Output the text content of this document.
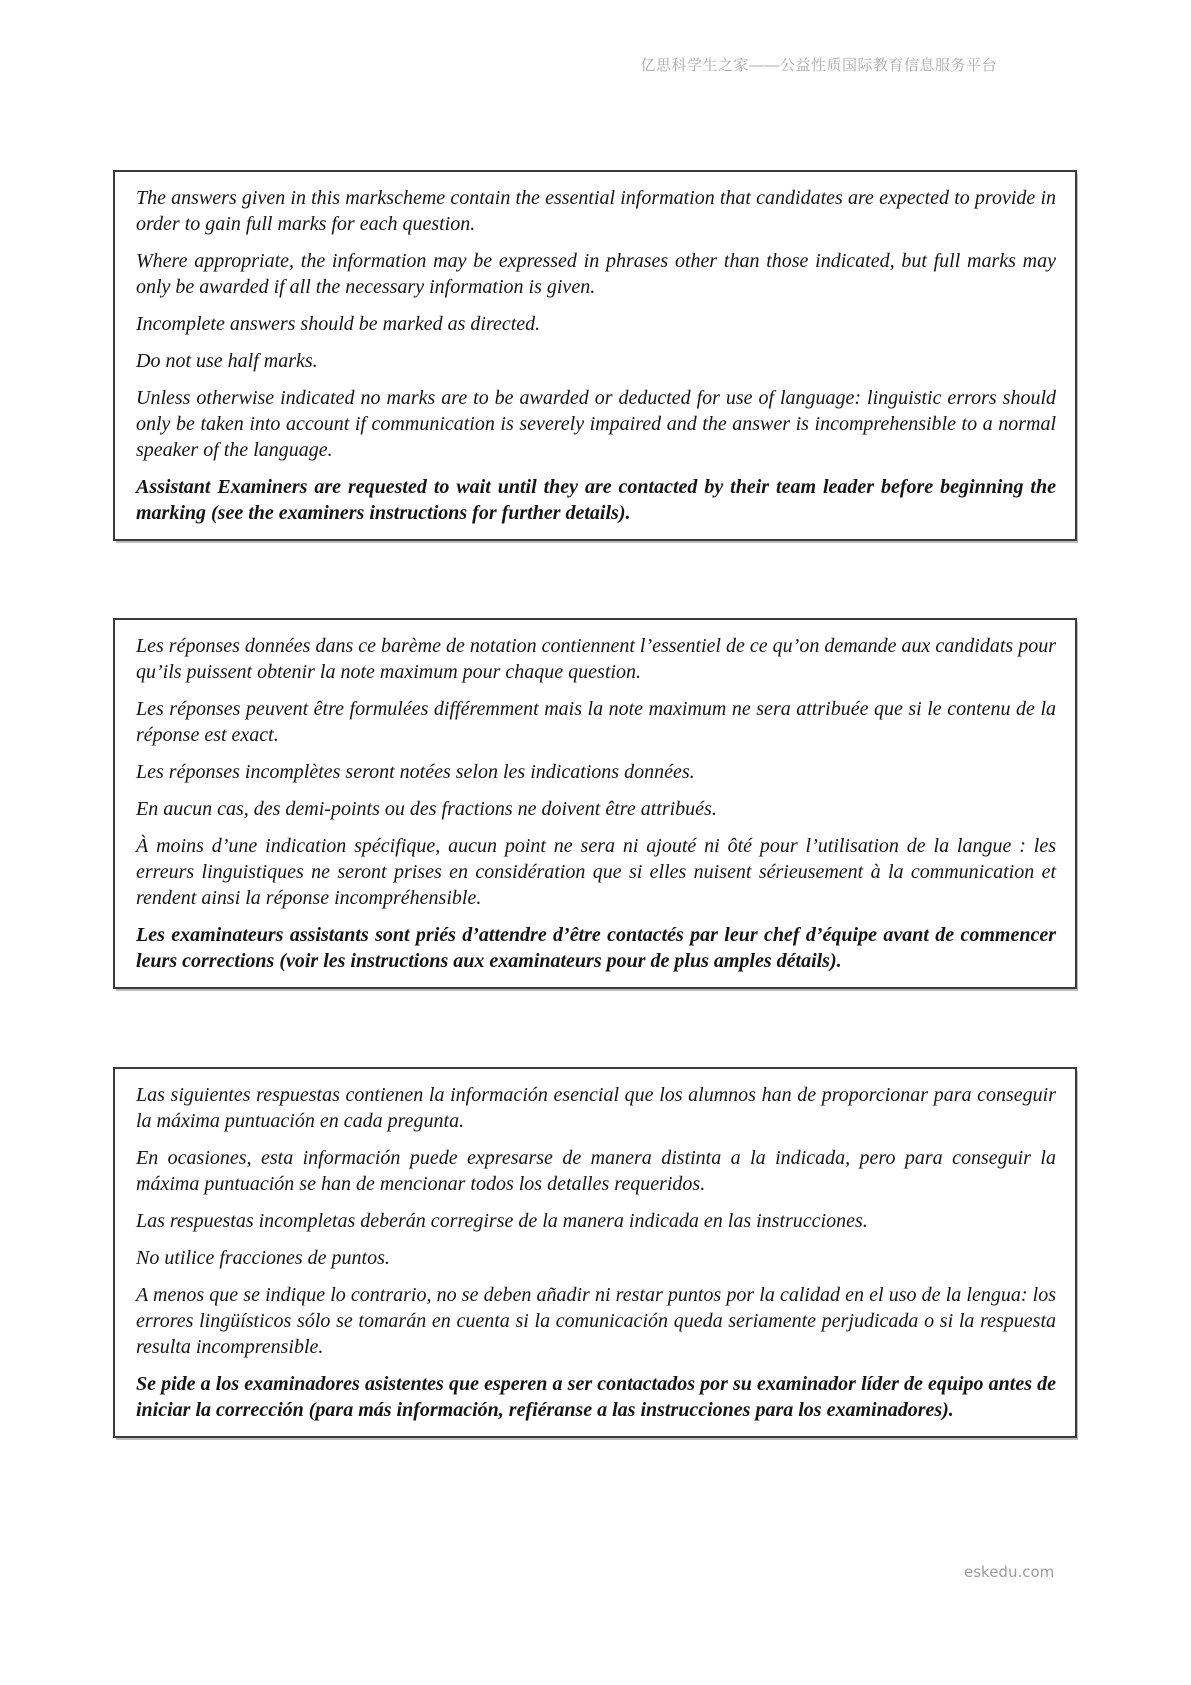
亿思科学生之家——公益性质国际教育信息服务平台

The answers given in this markscheme contain the essential information that candidates are expected to provide in order to gain full marks for each question.

Where appropriate, the information may be expressed in phrases other than those indicated, but full marks may only be awarded if all the necessary information is given.

Incomplete answers should be marked as directed.

Do not use half marks.

Unless otherwise indicated no marks are to be awarded or deducted for use of language: linguistic errors should only be taken into account if communication is severely impaired and the answer is incomprehensible to a normal speaker of the language.

Assistant Examiners are requested to wait until they are contacted by their team leader before beginning the marking (see the examiners instructions for further details).

Les réponses données dans ce barème de notation contiennent l’essentiel de ce qu’on demande aux candidats pour qu’ils puissent obtenir la note maximum pour chaque question.

Les réponses peuvent être formulées différemment mais la note maximum ne sera attribuée que si le contenu de la réponse est exact.

Les réponses incomplètes seront notées selon les indications données.

En aucun cas, des demi-points ou des fractions ne doivent être attribués.

À moins d’une indication spécifique, aucun point ne sera ni ajouté ni ôté pour l’utilisation de la langue : les erreurs linguistiques ne seront prises en considération que si elles nuisent sérieusement à la communication et rendent ainsi la réponse incompréhensible.

Les examinateurs assistants sont priés d’attendre d’être contactés par leur chef d’équipe avant de commencer leurs corrections (voir les instructions aux examinateurs pour de plus amples détails).

Las siguientes respuestas contienen la información esencial que los alumnos han de proporcionar para conseguir la máxima puntuación en cada pregunta.

En ocasiones, esta información puede expresarse de manera distinta a la indicada, pero para conseguir la máxima puntuación se han de mencionar todos los detalles requeridos.

Las respuestas incompletas deberán corregirse de la manera indicada en las instrucciones.

No utilice fracciones de puntos.

A menos que se indique lo contrario, no se deben añadir ni restar puntos por la calidad en el uso de la lengua: los errores lingüísticos sólo se tomarán en cuenta si la comunicación queda seriamente perjudicada o si la respuesta resulta incomprensible.

Se pide a los examinadores asistentes que esperen a ser contactados por su examinador líder de equipo antes de iniciar la corrección (para más información, refiéranse a las instrucciones para los examinadores).

eskedu.com
